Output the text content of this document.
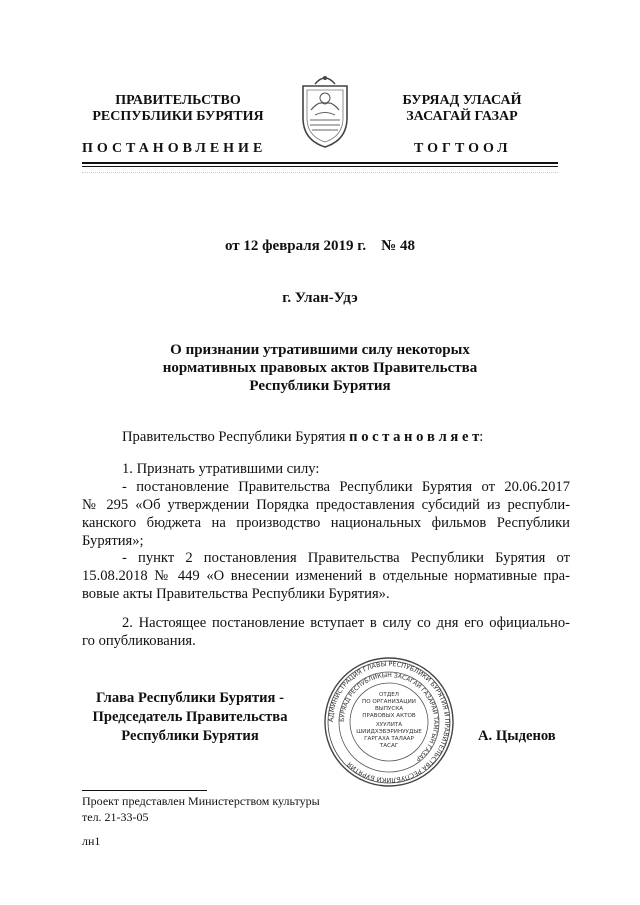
ПРАВИТЕЛЬСТВО
РЕСПУБЛИКИ БУРЯТИЯ
БУРЯАД УЛАСАЙ
ЗАСАГАЙ ГАЗАР
ПОСТАНОВЛЕНИЕ	ТОГТООЛ
от 12 февраля 2019 г.    № 48
г. Улан-Удэ
О признании утратившими силу некоторых
нормативных правовых актов Правительства
Республики Бурятия
Правительство Республики Бурятия п о с т а н о в л я е т:
1. Признать утратившими силу:
- постановление Правительства Республики Бурятия от 20.06.2017
№ 295 «Об утверждении Порядка предоставления субсидий из республи-
канского бюджета на производство национальных фильмов Республики
Бурятия»;
- пункт 2 постановления Правительства Республики Бурятия от
15.08.2018 № 449 «О внесении изменений в отдельные нормативные пра-
вовые акты Правительства Республики Бурятия».
2. Настоящее постановление вступает в силу со дня его официально-
го опубликования.
Глава Республики Бурятия -
Председатель Правительства
Республики Бурятия	А. Цыденов
АДМИНИСТРАЦИЯ ГЛАВЫ РЕСПУБЛИКИ БУРЯТИЯ И ПРАВИТЕЛЬСТВА РЕСПУБЛИКИ БУРЯТИЯ
БУРЯАД РЕСПУБЛИКЫН ЗАСАГАЙ ГАЗАРАЙ ТАМГЫН ГАЗАР
ОТДЕЛ
ПО ОРГАНИЗАЦИИ
ВЫПУСКА
ПРАВОВЫХ АКТОВ
ХУУЛИТА
ШИИДХЭБЭРИНУУДЫЕ
ГАРГАХА ТАЛААР
ТАСАГ
Проект представлен Министерством культуры
тел. 21-33-05
лн1
